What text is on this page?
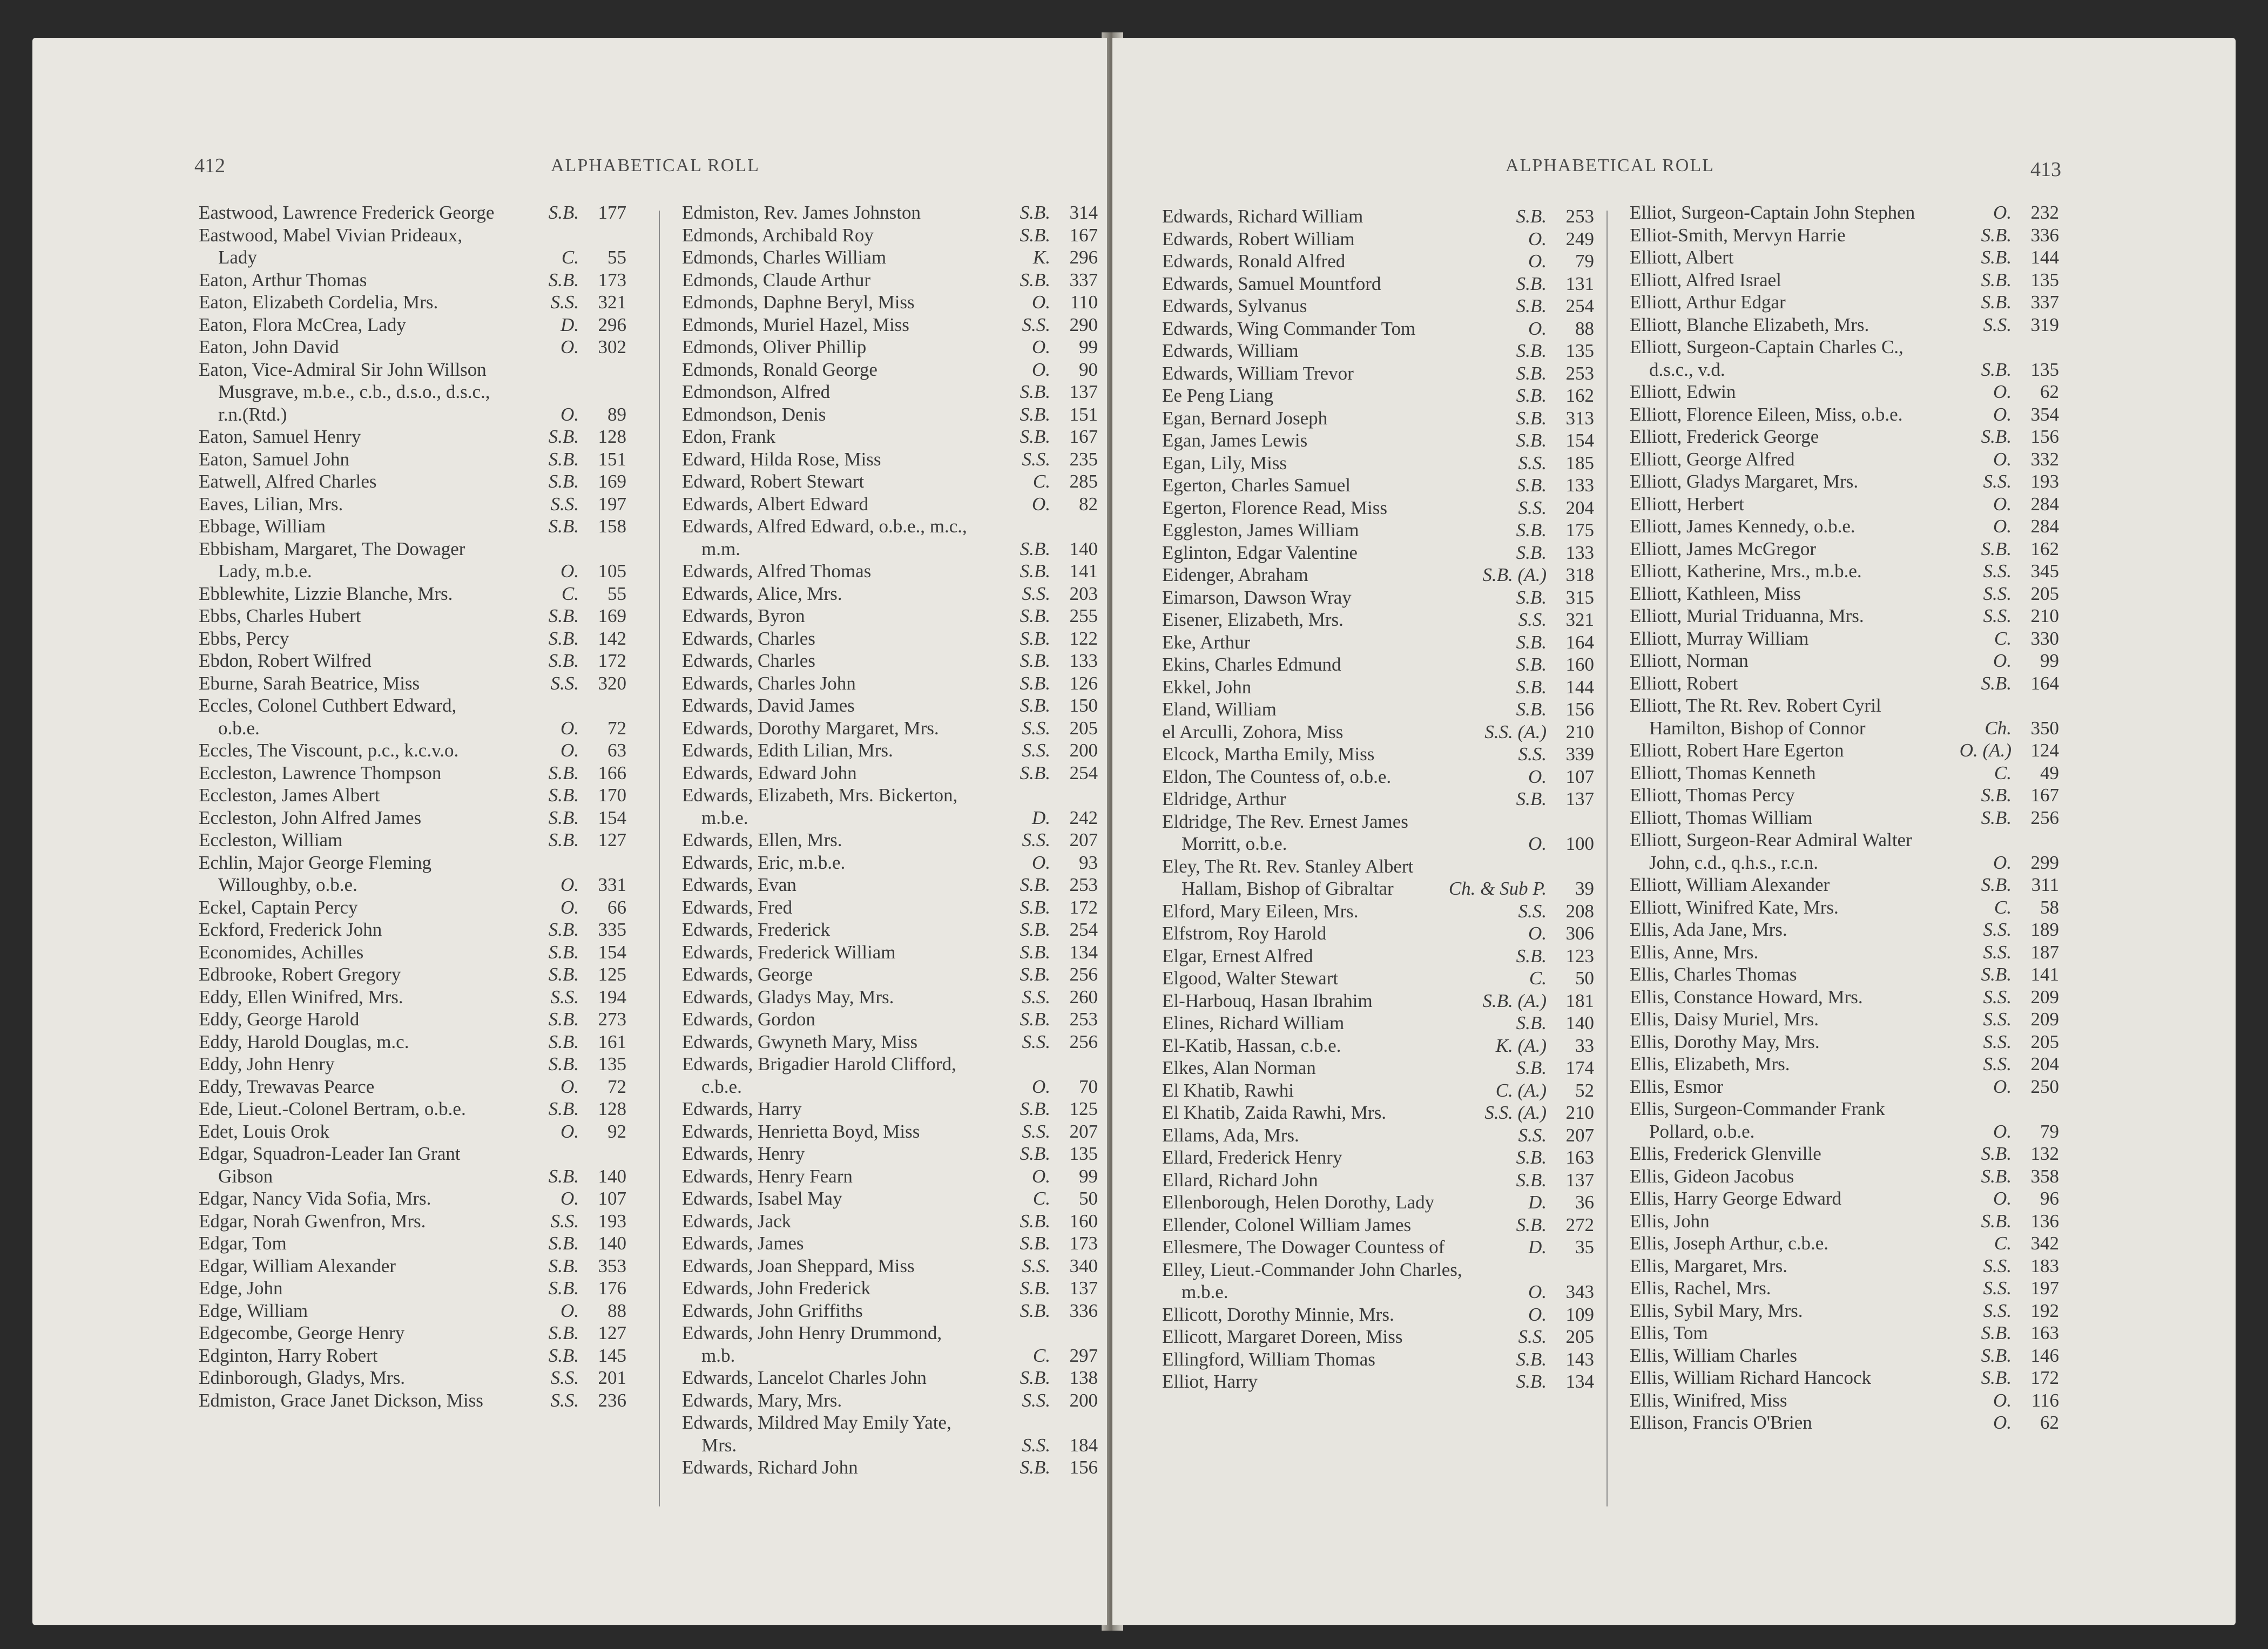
412	ALPHABETICAL ROLL
Eastwood, Lawrence Frederick George	S.B. 177
Eastwood, Mabel Vivian Prideaux, Lady	C. 55
Eaton, Arthur Thomas	S.B. 173
Eaton, Elizabeth Cordelia, Mrs.	S.S. 321
Eaton, Flora McCrea, Lady	D. 296
Eaton, John David	O. 302
Eaton, Vice-Admiral Sir John Willson Musgrave, m.b.e., c.b., d.s.o., d.s.c., r.n.(Rtd.)	O. 89
Eaton, Samuel Henry	S.B. 128
Eaton, Samuel John	S.B. 151
Eatwell, Alfred Charles	S.B. 169
Eaves, Lilian, Mrs.	S.S. 197
Ebbage, William	S.B. 158
Ebbisham, Margaret, The Dowager Lady, m.b.e.	O. 105
Ebblewhite, Lizzie Blanche, Mrs.	C. 55
Ebbs, Charles Hubert	S.B. 169
Ebbs, Percy	S.B. 142
Ebdon, Robert Wilfred	S.B. 172
Eburne, Sarah Beatrice, Miss	S.S. 320
Eccles, Colonel Cuthbert Edward, o.b.e.	O. 72
Eccles, The Viscount, p.c., k.c.v.o.	O. 63
Eccleston, Lawrence Thompson	S.B. 166
Eccleston, James Albert	S.B. 170
Eccleston, John Alfred James	S.B. 154
Eccleston, William	S.B. 127
Echlin, Major George Fleming Willoughby, o.b.e.	O. 331
Eckel, Captain Percy	O. 66
Eckford, Frederick John	S.B. 335
Economides, Achilles	S.B. 154
Edbrooke, Robert Gregory	S.B. 125
Eddy, Ellen Winifred, Mrs.	S.S. 194
Eddy, George Harold	S.B. 273
Eddy, Harold Douglas, m.c.	S.B. 161
Eddy, John Henry	S.B. 135
Eddy, Trewavas Pearce	O. 72
Ede, Lieut.-Colonel Bertram, o.b.e.	S.B. 128
Edet, Louis Orok	O. 92
Edgar, Squadron-Leader Ian Grant Gibson	S.B. 140
Edgar, Nancy Vida Sofia, Mrs.	O. 107
Edgar, Norah Gwenfron, Mrs.	S.S. 193
Edgar, Tom	S.B. 140
Edgar, William Alexander	S.B. 353
Edge, John	S.B. 176
Edge, William	O. 88
Edgecombe, George Henry	S.B. 127
Edginton, Harry Robert	S.B. 145
Edinborough, Gladys, Mrs.	S.S. 201
Edmiston, Grace Janet Dickson, Miss	S.S. 236
Edmiston, Rev. James Johnston	S.B. 314
Edmonds, Archibald Roy	S.B. 167
Edmonds, Charles William	K. 296
Edmonds, Claude Arthur	S.B. 337
Edmonds, Daphne Beryl, Miss	O. 110
Edmonds, Muriel Hazel, Miss	S.S. 290
Edmonds, Oliver Phillip	O. 99
Edmonds, Ronald George	O. 90
Edmondson, Alfred	S.B. 137
Edmondson, Denis	S.B. 151
Edon, Frank	S.B. 167
Edward, Hilda Rose, Miss	S.S. 235
Edward, Robert Stewart	C. 285
Edwards, Albert Edward	O. 82
Edwards, Alfred Edward, o.b.e., m.c., m.m.	S.B. 140
Edwards, Alfred Thomas	S.B. 141
Edwards, Alice, Mrs.	S.S. 203
Edwards, Byron	S.B. 255
Edwards, Charles	S.B. 122
Edwards, Charles	S.B. 133
Edwards, Charles John	S.B. 126
Edwards, David James	S.B. 150
Edwards, Dorothy Margaret, Mrs.	S.S. 205
Edwards, Edith Lilian, Mrs.	S.S. 200
Edwards, Edward John	S.B. 254
Edwards, Elizabeth, Mrs. Bickerton, m.b.e.	D. 242
Edwards, Ellen, Mrs.	S.S. 207
Edwards, Eric, m.b.e.	O. 93
Edwards, Evan	S.B. 253
Edwards, Fred	S.B. 172
Edwards, Frederick	S.B. 254
Edwards, Frederick William	S.B. 134
Edwards, George	S.B. 256
Edwards, Gladys May, Mrs.	S.S. 260
Edwards, Gordon	S.B. 253
Edwards, Gwyneth Mary, Miss	S.S. 256
Edwards, Brigadier Harold Clifford, c.b.e.	O. 70
Edwards, Harry	S.B. 125
Edwards, Henrietta Boyd, Miss	S.S. 207
Edwards, Henry	S.B. 135
Edwards, Henry Fearn	O. 99
Edwards, Isabel May	C. 50
Edwards, Jack	S.B. 160
Edwards, James	S.B. 173
Edwards, Joan Sheppard, Miss	S.S. 340
Edwards, John Frederick	S.B. 137
Edwards, John Griffiths	S.B. 336
Edwards, John Henry Drummond, m.b.	C. 297
Edwards, Lancelot Charles John	S.B. 138
Edwards, Mary, Mrs.	S.S. 200
Edwards, Mildred May Emily Yate, Mrs.	S.S. 184
Edwards, Richard John	S.B. 156
ALPHABETICAL ROLL	413
Edwards, Richard William	S.B. 253
Edwards, Robert William	O. 249
Edwards, Ronald Alfred	O. 79
Edwards, Samuel Mountford	S.B. 131
Edwards, Sylvanus	S.B. 254
Edwards, Wing Commander Tom	O. 88
Edwards, William	S.B. 135
Edwards, William Trevor	S.B. 253
Ee Peng Liang	S.B. 162
Egan, Bernard Joseph	S.B. 313
Egan, James Lewis	S.B. 154
Egan, Lily, Miss	S.S. 185
Egerton, Charles Samuel	S.B. 133
Egerton, Florence Read, Miss	S.S. 204
Eggleston, James William	S.B. 175
Eglinton, Edgar Valentine	S.B. 133
Eidenger, Abraham	S.B. (A.) 318
Eimarson, Dawson Wray	S.B. 315
Eisener, Elizabeth, Mrs.	S.S. 321
Eke, Arthur	S.B. 164
Ekins, Charles Edmund	S.B. 160
Ekkel, John	S.B. 144
Eland, William	S.B. 156
el Arculli, Zohora, Miss	S.S. (A.) 210
Elcock, Martha Emily, Miss	S.S. 339
Eldon, The Countess of, o.b.e.	O. 107
Eldridge, Arthur	S.B. 137
Eldridge, The Rev. Ernest James Morritt, o.b.e.	O. 100
Eley, The Rt. Rev. Stanley Albert Hallam, Bishop of Gibraltar	Ch. & Sub P. 39
Elford, Mary Eileen, Mrs.	S.S. 208
Elfstrom, Roy Harold	O. 306
Elgar, Ernest Alfred	S.B. 123
Elgood, Walter Stewart	C. 50
El-Harbouq, Hasan Ibrahim	S.B. (A.) 181
Elines, Richard William	S.B. 140
El-Katib, Hassan, c.b.e.	K. (A.) 33
Elkes, Alan Norman	S.B. 174
El Khatib, Rawhi	C. (A.) 52
El Khatib, Zaida Rawhi, Mrs.	S.S. (A.) 210
Ellams, Ada, Mrs.	S.S. 207
Ellard, Frederick Henry	S.B. 163
Ellard, Richard John	S.B. 137
Ellenborough, Helen Dorothy, Lady	D. 36
Ellender, Colonel William James	S.B. 272
Ellesmere, The Dowager Countess of	D. 35
Elley, Lieut.-Commander John Charles, m.b.e.	O. 343
Ellicott, Dorothy Minnie, Mrs.	O. 109
Ellicott, Margaret Doreen, Miss	S.S. 205
Ellingford, William Thomas	S.B. 143
Elliot, Harry	S.B. 134
Elliot, Surgeon-Captain John Stephen	O. 232
Elliot-Smith, Mervyn Harrie	S.B. 336
Elliott, Albert	S.B. 144
Elliott, Alfred Israel	S.B. 135
Elliott, Arthur Edgar	S.B. 337
Elliott, Blanche Elizabeth, Mrs.	S.S. 319
Elliott, Surgeon-Captain Charles C., d.s.c., v.d.	S.B. 135
Elliott, Edwin	O. 62
Elliott, Florence Eileen, Miss, o.b.e.	O. 354
Elliott, Frederick George	S.B. 156
Elliott, George Alfred	O. 332
Elliott, Gladys Margaret, Mrs.	S.S. 193
Elliott, Herbert	O. 284
Elliott, James Kennedy, o.b.e.	O. 284
Elliott, James McGregor	S.B. 162
Elliott, Katherine, Mrs., m.b.e.	S.S. 345
Elliott, Kathleen, Miss	S.S. 205
Elliott, Murial Triduanna, Mrs.	S.S. 210
Elliott, Murray William	C. 330
Elliott, Norman	O. 99
Elliott, Robert	S.B. 164
Elliott, The Rt. Rev. Robert Cyril Hamilton, Bishop of Connor	Ch. 350
Elliott, Robert Hare Egerton	O. (A.) 124
Elliott, Thomas Kenneth	C. 49
Elliott, Thomas Percy	S.B. 167
Elliott, Thomas William	S.B. 256
Elliott, Surgeon-Rear Admiral Walter John, c.d., q.h.s., r.c.n.	O. 299
Elliott, William Alexander	S.B. 311
Elliott, Winifred Kate, Mrs.	C. 58
Ellis, Ada Jane, Mrs.	S.S. 189
Ellis, Anne, Mrs.	S.S. 187
Ellis, Charles Thomas	S.B. 141
Ellis, Constance Howard, Mrs.	S.S. 209
Ellis, Daisy Muriel, Mrs.	S.S. 209
Ellis, Dorothy May, Mrs.	S.S. 205
Ellis, Elizabeth, Mrs.	S.S. 204
Ellis, Esmor	O. 250
Ellis, Surgeon-Commander Frank Pollard, o.b.e.	O. 79
Ellis, Frederick Glenville	S.B. 132
Ellis, Gideon Jacobus	S.B. 358
Ellis, Harry George Edward	O. 96
Ellis, John	S.B. 136
Ellis, Joseph Arthur, c.b.e.	C. 342
Ellis, Margaret, Mrs.	S.S. 183
Ellis, Rachel, Mrs.	S.S. 197
Ellis, Sybil Mary, Mrs.	S.S. 192
Ellis, Tom	S.B. 163
Ellis, William Charles	S.B. 146
Ellis, William Richard Hancock	S.B. 172
Ellis, Winifred, Miss	O. 116
Ellison, Francis O'Brien	O. 62
